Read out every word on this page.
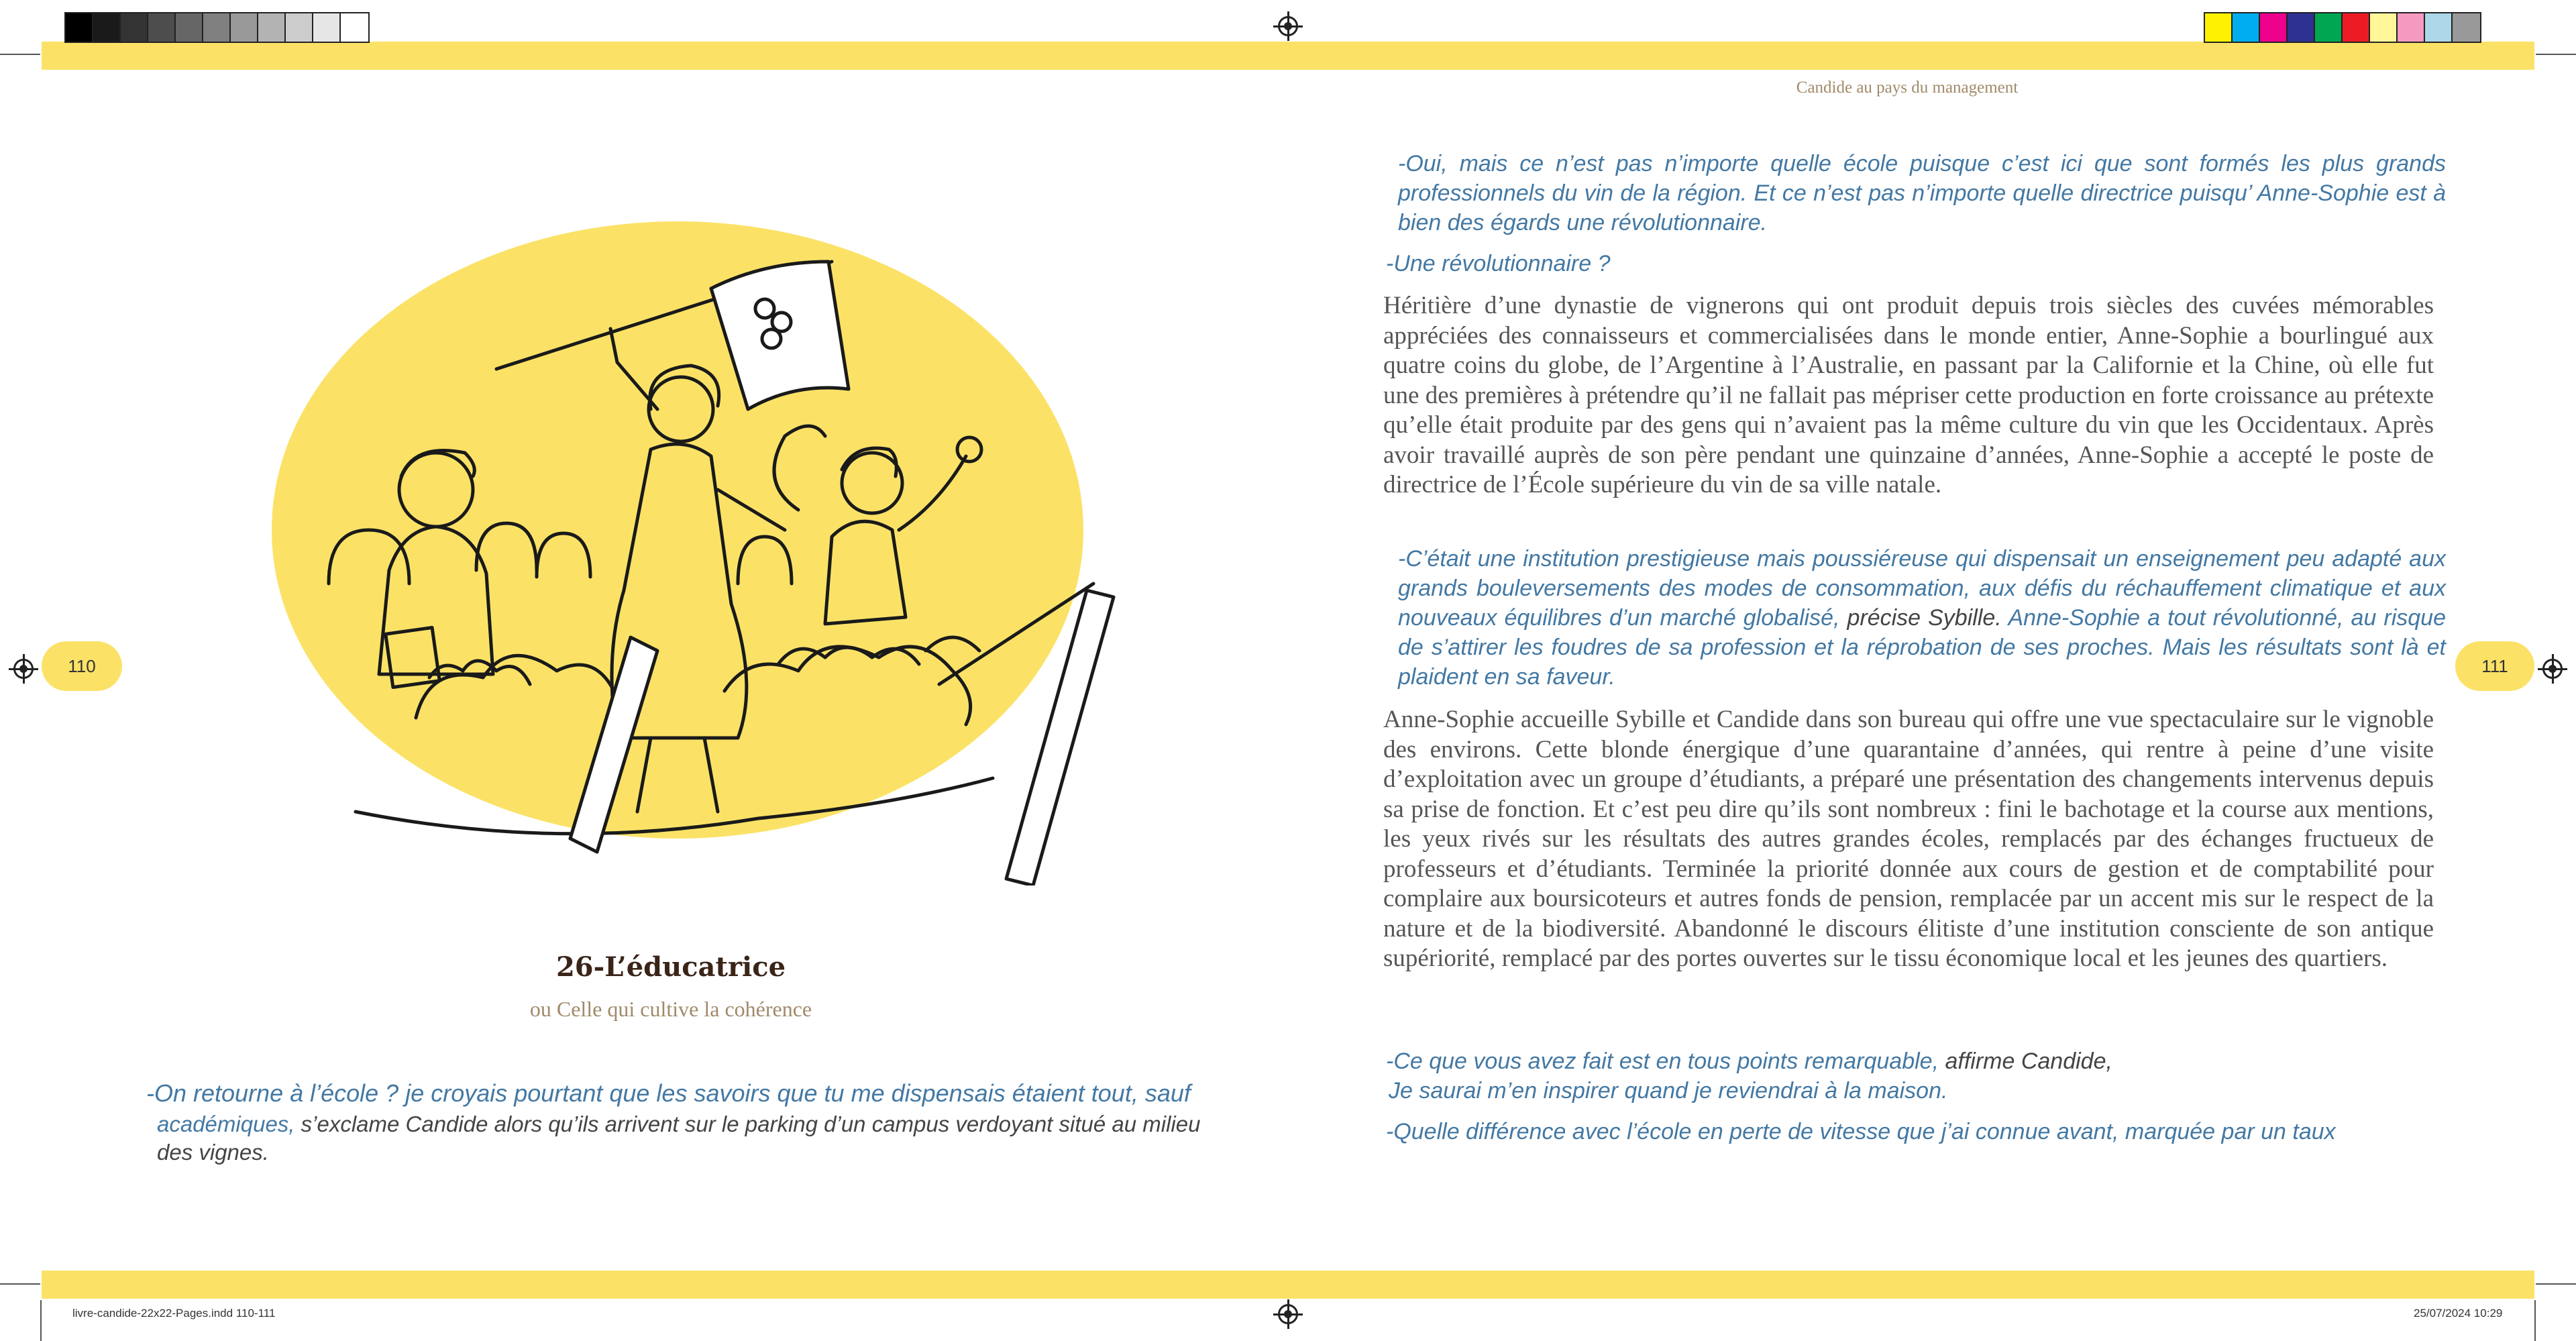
110	111
Candide au pays du management
26-L’éducatrice
ou Celle qui cultive la cohérence

-On retourne à l’école ? je croyais pourtant que les savoirs que tu me dispensais étaient tout, sauf

académiques, s’exclame Candide alors qu’ils arrivent sur le parking d’un campus verdoyant situé au milieu

des vignes.

-Oui, mais ce n’est pas n’importe quelle école puisque c’est ici que sont formés les plus grands professionnels du vin de la région. Et ce n’est pas n’importe quelle directrice puisqu’ Anne-Sophie est à bien des égards une révolutionnaire.

-Une révolutionnaire ?

Héritière d’une dynastie de vignerons qui ont produit depuis trois siècles des cuvées mémorables appréciées des connaisseurs et commercialisées dans le monde entier, Anne-Sophie a bourlingué aux quatre coins du globe, de l’Argentine à l’Australie, en passant par la Californie et la Chine, où elle fut une des premières à prétendre qu’il ne fallait pas mépriser cette production en forte croissance au prétexte qu’elle était produite par des gens qui n’avaient pas la même culture du vin que les Occidentaux. Après avoir travaillé auprès de son père pendant une quinzaine d’années, Anne-Sophie a accepté le poste de directrice de l’École supérieure du vin de sa ville natale.

-C’était une institution prestigieuse mais poussiéreuse qui dispensait un enseignement peu adapté aux grands bouleversements des modes de consommation, aux défis du réchauffement climatique et aux nouveaux équilibres d’un marché globalisé, précise Sybille. Anne-Sophie a tout révolutionné, au risque de s’attirer les foudres de sa profession et la réprobation de ses proches. Mais les résultats sont là et plaident en sa faveur.

Anne-Sophie accueille Sybille et Candide dans son bureau qui offre une vue spectaculaire sur le vignoble des environs. Cette blonde énergique d’une quarantaine d’années, qui rentre à peine d’une visite d’exploitation avec un groupe d’étudiants, a préparé une présentation des changements intervenus depuis sa prise de fonction. Et c’est peu dire qu’ils sont nombreux : fini le bachotage et la course aux mentions, les yeux rivés sur les résultats des autres grandes écoles, remplacés par des échanges fructueux de professeurs et d’étudiants. Terminée la priorité donnée aux cours de gestion et de comptabilité pour complaire aux boursicoteurs et autres fonds de pension, remplacée par un accent mis sur le respect de la nature et de la biodiversité. Abandonné le discours élitiste d’une institution consciente de son antique supériorité, remplacé par des portes ouvertes sur le tissu économique local et les jeunes des quartiers.

-Ce que vous avez fait est en tous points remarquable, affirme Candide,
Je saurai m’en inspirer quand je reviendrai à la maison.

-Quelle différence avec l’école en perte de vitesse que j’ai connue avant, marquée par un taux

livre-candide-22x22-Pages.indd 110-111	25/07/2024 10:29
